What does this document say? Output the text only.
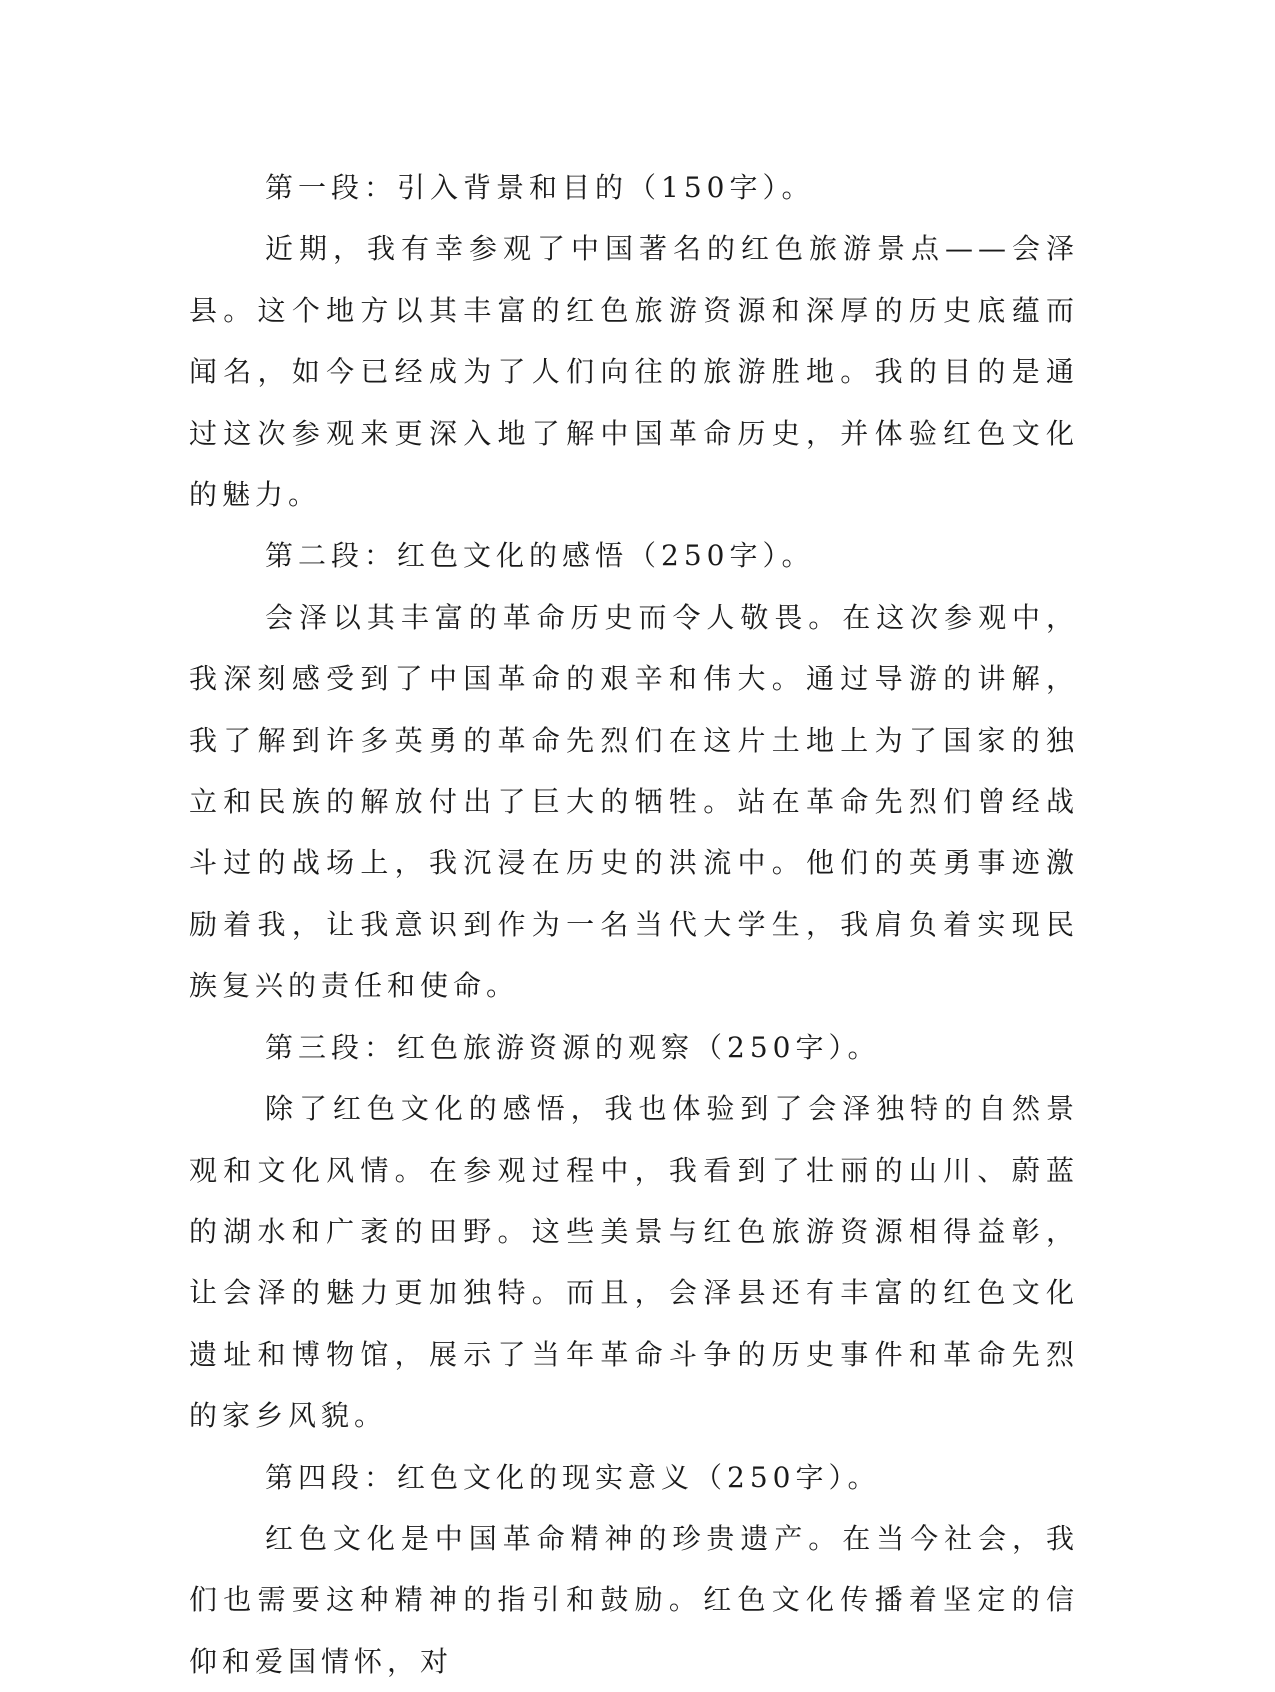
第一段：引入背景和目的（150字）。

近期，我有幸参观了中国著名的红色旅游景点——会泽县。这个地方以其丰富的红色旅游资源和深厚的历史底蕴而闻名，如今已经成为了人们向往的旅游胜地。我的目的是通过这次参观来更深入地了解中国革命历史，并体验红色文化的魅力。

第二段：红色文化的感悟（250字）。

会泽以其丰富的革命历史而令人敬畏。在这次参观中，我深刻感受到了中国革命的艰辛和伟大。通过导游的讲解，我了解到许多英勇的革命先烈们在这片土地上为了国家的独立和民族的解放付出了巨大的牺牲。站在革命先烈们曾经战斗过的战场上，我沉浸在历史的洪流中。他们的英勇事迹激励着我，让我意识到作为一名当代大学生，我肩负着实现民族复兴的责任和使命。

第三段：红色旅游资源的观察（250字）。

除了红色文化的感悟，我也体验到了会泽独特的自然景观和文化风情。在参观过程中，我看到了壮丽的山川、蔚蓝的湖水和广袤的田野。这些美景与红色旅游资源相得益彰，让会泽的魅力更加独特。而且，会泽县还有丰富的红色文化遗址和博物馆，展示了当年革命斗争的历史事件和革命先烈的家乡风貌。

第四段：红色文化的现实意义（250字）。

红色文化是中国革命精神的珍贵遗产。在当今社会，我们也需要这种精神的指引和鼓励。红色文化传播着坚定的信仰和爱国情怀，对
